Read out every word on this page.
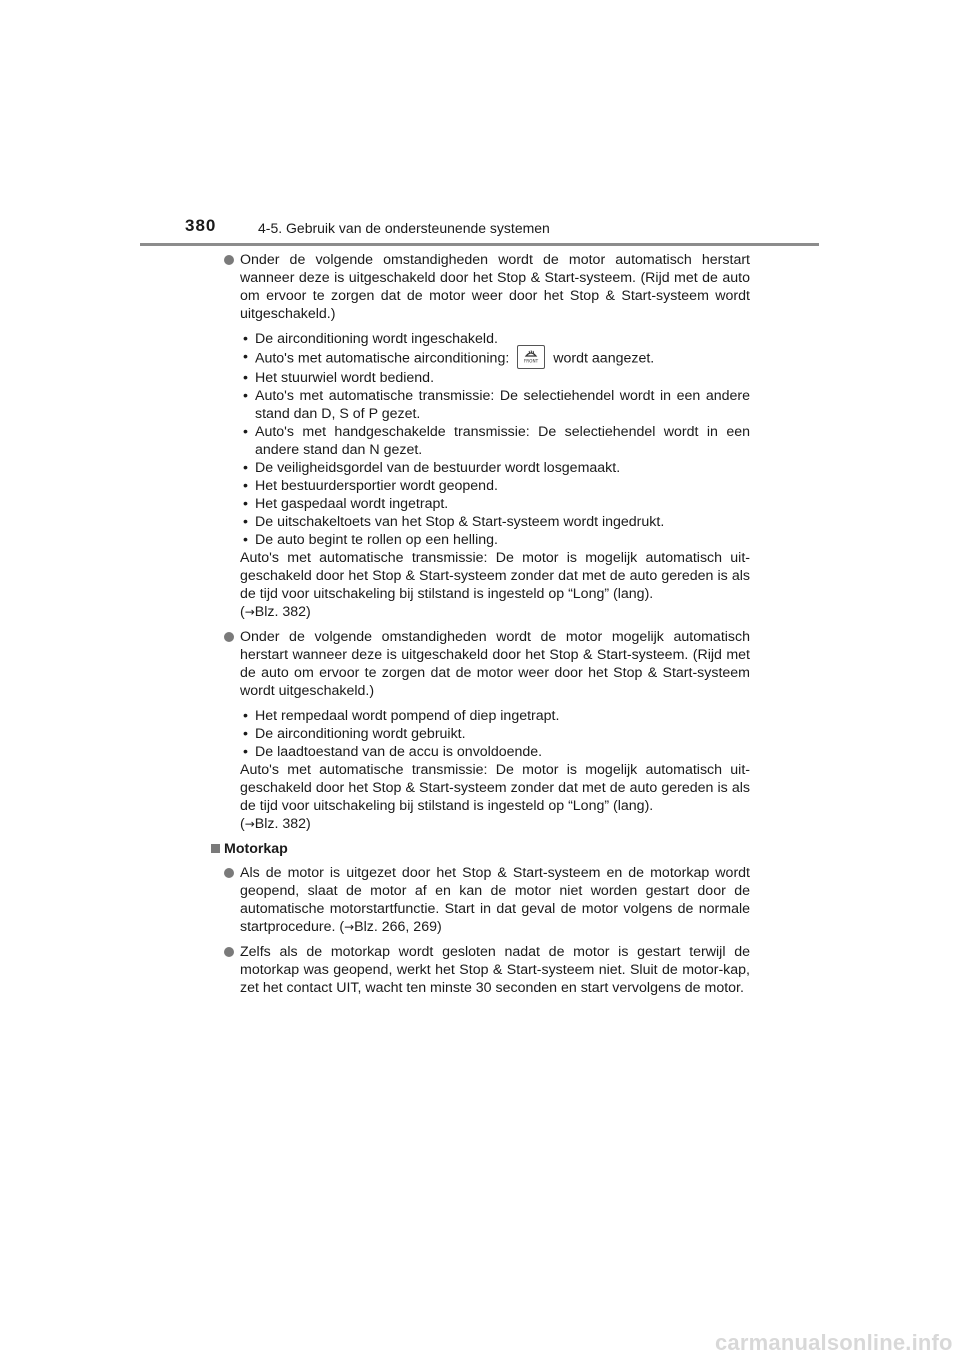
380	4-5. Gebruik van de ondersteunende systemen
Onder de volgende omstandigheden wordt de motor automatisch herstart wanneer deze is uitgeschakeld door het Stop & Start-systeem. (Rijd met de auto om ervoor te zorgen dat de motor weer door het Stop & Start-systeem wordt uitgeschakeld.)
• De airconditioning wordt ingeschakeld.
• Auto's met automatische airconditioning:	FRONT wordt aangezet.
• Het stuurwiel wordt bediend.
• Auto's met automatische transmissie: De selectiehendel wordt in een andere stand dan D, S of P gezet.
• Auto's met handgeschakelde transmissie: De selectiehendel wordt in een andere stand dan N gezet.
• De veiligheidsgordel van de bestuurder wordt losgemaakt.
• Het bestuurdersportier wordt geopend.
• Het gaspedaal wordt ingetrapt.
• De uitschakeltoets van het Stop & Start-systeem wordt ingedrukt.
• De auto begint te rollen op een helling.
Auto's met automatische transmissie: De motor is mogelijk automatisch uit-geschakeld door het Stop & Start-systeem zonder dat met de auto gereden is als de tijd voor uitschakeling bij stilstand is ingesteld op “Long” (lang).
(→Blz. 382)
Onder de volgende omstandigheden wordt de motor mogelijk automatisch herstart wanneer deze is uitgeschakeld door het Stop & Start-systeem. (Rijd met de auto om ervoor te zorgen dat de motor weer door het Stop & Start-systeem wordt uitgeschakeld.)
• Het rempedaal wordt pompend of diep ingetrapt.
• De airconditioning wordt gebruikt.
• De laadtoestand van de accu is onvoldoende.
Auto's met automatische transmissie: De motor is mogelijk automatisch uit-geschakeld door het Stop & Start-systeem zonder dat met de auto gereden is als de tijd voor uitschakeling bij stilstand is ingesteld op “Long” (lang).
(→Blz. 382)
Motorkap
Als de motor is uitgezet door het Stop & Start-systeem en de motorkap wordt geopend, slaat de motor af en kan de motor niet worden gestart door de automatische motorstartfunctie. Start in dat geval de motor volgens de normale startprocedure. (→Blz. 266, 269)
Zelfs als de motorkap wordt gesloten nadat de motor is gestart terwijl de motorkap was geopend, werkt het Stop & Start-systeem niet. Sluit de motor-kap, zet het contact UIT, wacht ten minste 30 seconden en start vervolgens de motor.
carmanualsonline.info
